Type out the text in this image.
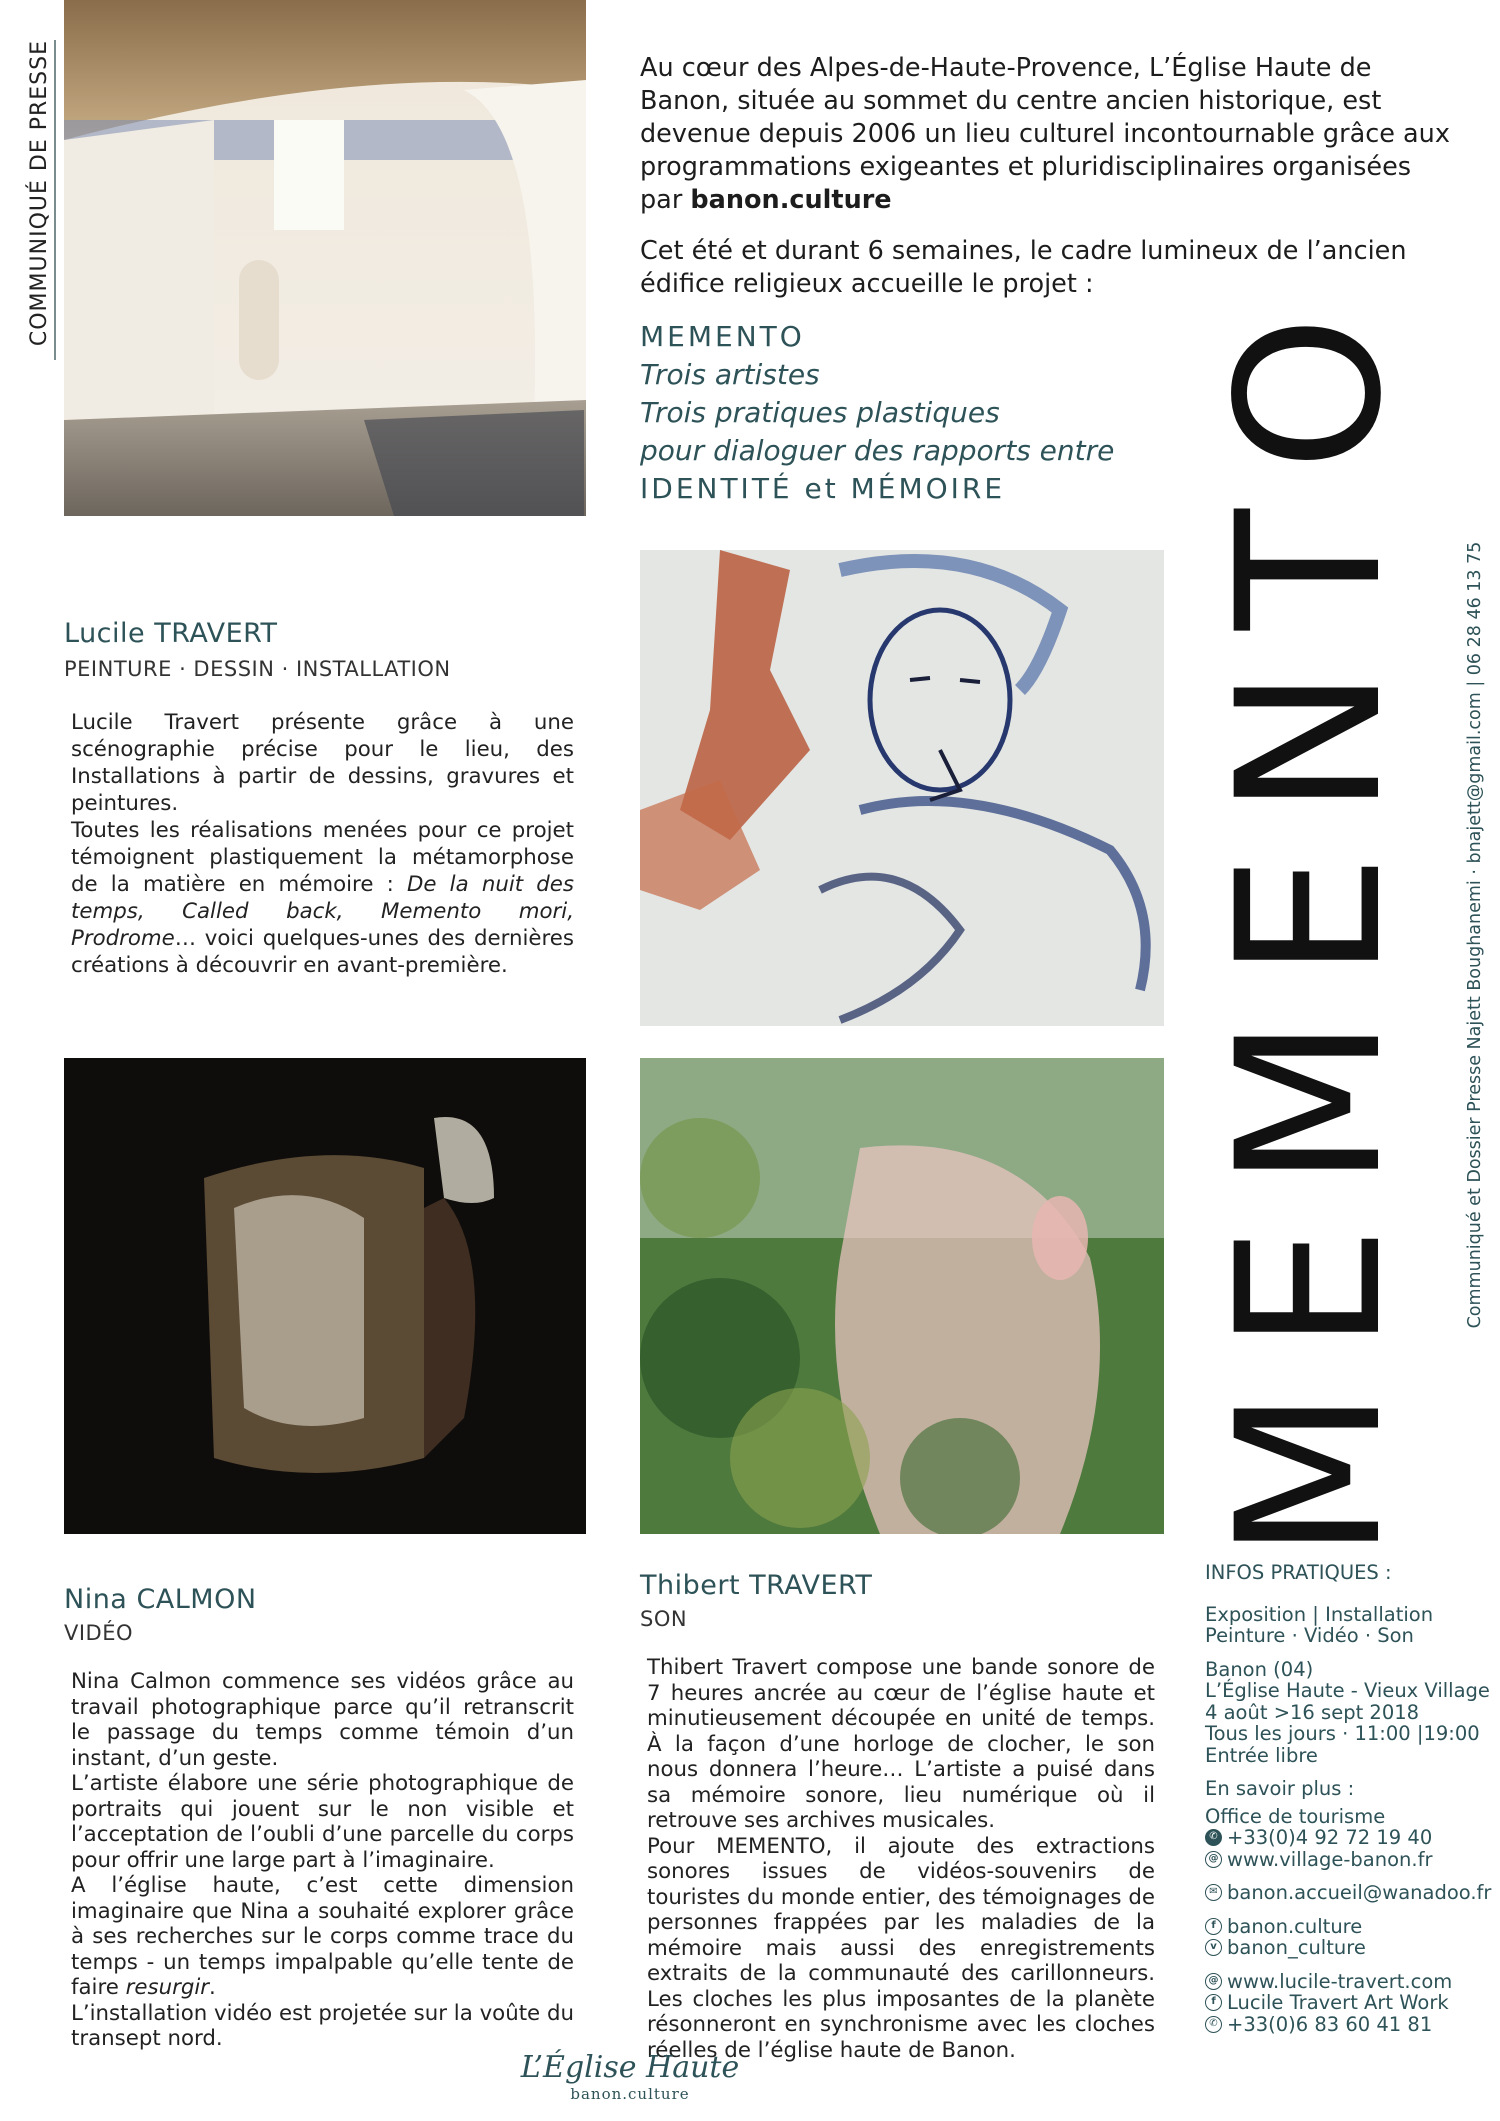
COMMUNIQUÉ DE PRESSE	Au cœur des Alpes-de-Haute-Provence, L’Église Haute de Banon, située au sommet du centre ancien historique, est devenue depuis 2006 un lieu culturel incontournable grâce aux programmations exigeantes et pluridisciplinaires organisées par banon.culture

Cet été et durant 6 semaines, le cadre lumineux de l’ancien édifice religieux accueille le projet :

MEMENTO
Trois artistes
Trois pratiques plastiques
pour dialoguer des rapports entre
IDENTITÉ et MÉMOIRE MEMENTO	Communiqué et Dossier Presse Najett Boughanemi · bnajett@gmail.com | 06 28 46 13 75
Lucile TRAVERT
PEINTURE · DESSIN · INSTALLATION

Lucile Travert présente grâce à une scénographie précise pour le lieu, des Installations à partir de dessins, gravures et peintures.

Toutes les réalisations menées pour ce projet témoignent plastiquement la métamorphose de la matière en mémoire : De la nuit des temps, Called back, Memento mori, Prodrome… voici quelques-unes des dernières créations à découvrir en avant-première.

Nina CALMON
VIDÉO

Nina Calmon commence ses vidéos grâce au travail photographique parce qu’il retranscrit le passage du temps comme témoin d’un instant, d’un geste.

L’artiste élabore une série photographique de portraits qui jouent sur le non visible et l’acceptation de l’oubli d’une parcelle du corps pour offrir une large part à l’imaginaire.

A l’église haute, c’est cette dimension imaginaire que Nina a souhaité explorer grâce à ses recherches sur le corps comme trace du temps - un temps impalpable qu’elle tente de faire resurgir.

L’installation vidéo est projetée sur la voûte du transept nord.

Thibert TRAVERT
SON

Thibert Travert compose une bande sonore de 7 heures ancrée au cœur de l’église haute et minutieusement découpée en unité de temps. À la façon d’une horloge de clocher, le son nous donnera l’heure… L’artiste a puisé dans sa mémoire sonore, lieu numérique où il retrouve ses archives musicales.

Pour MEMENTO, il ajoute des extractions sonores issues de vidéos-souvenirs de touristes du monde entier, des témoignages de personnes frappées par les maladies de la mémoire mais aussi des enregistrements extraits de la communauté des carillonneurs. Les cloches les plus imposantes de la planète résonneront en synchronisme avec les cloches réelles de l’église haute de Banon.

INFOS PRATIQUES :
Exposition | Installation
Peinture · Vidéo · Son
Banon (04)
L’Église Haute - Vieux Village
4 août >16 sept 2018
Tous les jours · 11:00 |19:00
Entrée libre
En savoir plus :
Office de tourisme
✆ +33(0)4 92 72 19 40
@ www.village-banon.fr
✉ banon.accueil@wanadoo.fr
f banon.culture
v banon_culture
@ www.lucile-travert.com
f Lucile Travert Art Work
✆ +33(0)6 83 60 41 81
L’Église Haute
banon.culture
